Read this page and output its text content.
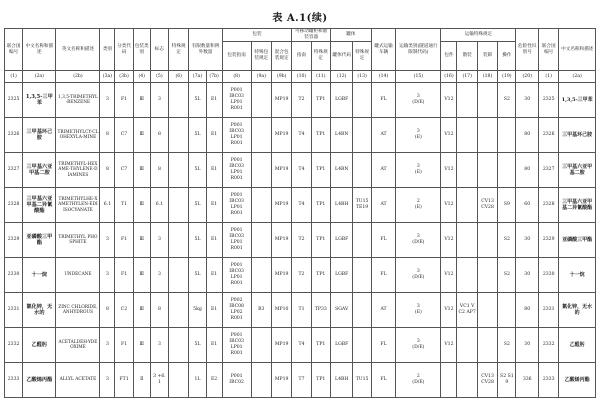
表 A.1(续)
联合国编号	中文名称和描述	英文名称和描述	类别	分类代码	包装类别	标志	特殊规定	有限数量和例外数量		包装			可移动罐柜和散装容器		罐体		罐式运输车辆	运输类别(隧道通行限制代码)	运输特殊规定				危险性识别号	联合国编号	中文名称和描述
										包装指南	特殊包装规定	混合包装规定	指南	特殊规定	罐体代码	特殊规定			包件	散装	装卸	操作			
(1)	(2a)	(2b)	(3a)	(3b)	(4)	(5)	(6)	(7a)	(7b)	(8)	(9a)	(9b)	(10)	(11)	(12)	(13)	(14)	(15)	(16)	(17)	(18)	(19)	(20)	(1)	(2a)
2325	1,3,5-三甲苯	1,3,5-TRIMETHYL-BENZENE	3	F1	Ⅲ	3		5L	E1	P001
IBC03
LP01
R001		MP19	T2	TP1	LGBF		FL	3
(D/E)	V12			S2	30	2325	1,3,5-三甲苯
2326	三甲基环己胺	TRIMETHYLCY-CLOHEXYLA-MINE	8	C7	Ⅲ	8		5L	E1	P001
IBC03
LP01
R001		MP19	T4	TP1	L4BN		AT	3
(E)	V12				80	2326	三甲基环己胺
2327	三甲基六亚甲基二胺	TRIMETHYL-HEXAME-THYLENE-DIAMINES	8	C7	Ⅲ	8		5L	E1	P001
IBC03
LP01
R001		MP19	T4	TP1	L4BN		AT	3
(E)	V12				80	2327	三甲基六亚甲基二胺
2328	三甲基六亚甲基二异氰酸酯	TRIMETHYLHE-XAMETHYLEN-EDIISOCYANATE	6.1	T1	Ⅲ	6.1		5L	E1	P001
IBC03
LP01
R001		MP19	T4	TP1	L4BH	TU15 TE19	AT	2
(E)	V12		CV13 CV28	S9	60	2328	三甲基六亚甲基二异氰酸酯
2329	亚磷酸三甲酯	TRIMETHYL PHOSPHITE	3	F1	Ⅲ	3		5L	E1	P001
IBC03
LP01
R001		MP19	T2	TP1	LGBF		FL	3
(D/E)	V12			S2	30	2329	亚磷酸三甲酯
2330	十一烷	UNDECANE	3	F1	Ⅲ	3		5L	E1	P001
IBC03
LP01
R001		MP19	T2	TP1	LGBF		FL	3
(D/E)	V12			S2	30	2330	十一烷
2331	氯化锌，无水的	ZINC CHLORIDE, ANHYDROUS	8	C2	Ⅲ	8		5kg	E1	P002
IBC08
LP02
R001	B3	MP10	T1	TP33	SGAV		AT	3
(E)	V12	VC1 VC2 AP7			80	2331	氯化锌，无水的
2332	乙醛肟	ACETALDEH-YDE OXIME	3	F1	Ⅲ	3		5L	E1	P001
IBC03
LP01
R001		MP19	T4	TP1	LGBF		FL	3
(D/E)	V12			S2	30	2332	乙醛肟
2333	乙酸烯丙酯	ALLYL ACETATE	3	FT1	Ⅱ	3 +6.1		1L	E2	P001
IBC02		MP19	T7	TP1	L4BH	TU15	FL	2
(D/E)			CV13 CV28	S2 S19	336	2333	乙酸烯丙酯
